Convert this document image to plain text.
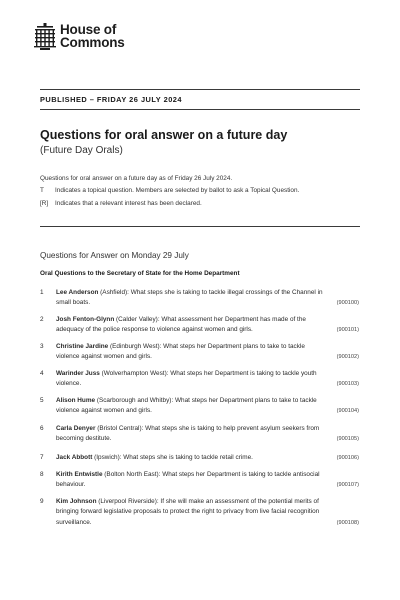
House of
Commons
PUBLISHED – FRIDAY 26 JULY 2024
Questions for oral answer on a future day
(Future Day Orals)
Questions for oral answer on a future day as of Friday 26 July 2024.
T	Indicates a topical question. Members are selected by ballot to ask a Topical Question.
[R]	Indicates that a relevant interest has been declared.
Questions for Answer on Monday 29 July
Oral Questions to the Secretary of State for the Home Department
1	Lee Anderson (Ashfield): What steps she is taking to tackle illegal crossings of the Channel in small boats.	(900100)
2	Josh Fenton-Glynn (Calder Valley): What assessment her Department has made of the adequacy of the police response to violence against women and girls.	(900101)
3	Christine Jardine (Edinburgh West): What steps her Department plans to take to tackle violence against women and girls.	(900102)
4	Warinder Juss (Wolverhampton West): What steps her Department is taking to tackle youth violence.	(900103)
5	Alison Hume (Scarborough and Whitby): What steps her Department plans to take to tackle violence against women and girls.	(900104)
6	Carla Denyer (Bristol Central): What steps she is taking to help prevent asylum seekers from becoming destitute.	(900105)
7	Jack Abbott (Ipswich): What steps she is taking to tackle retail crime.	(900106)
8	Kirith Entwistle (Bolton North East): What steps her Department is taking to tackle antisocial behaviour.	(900107)
9	Kim Johnson (Liverpool Riverside): If she will make an assessment of the potential merits of bringing forward legislative proposals to protect the right to privacy from live facial recognition surveillance.	(900108)
